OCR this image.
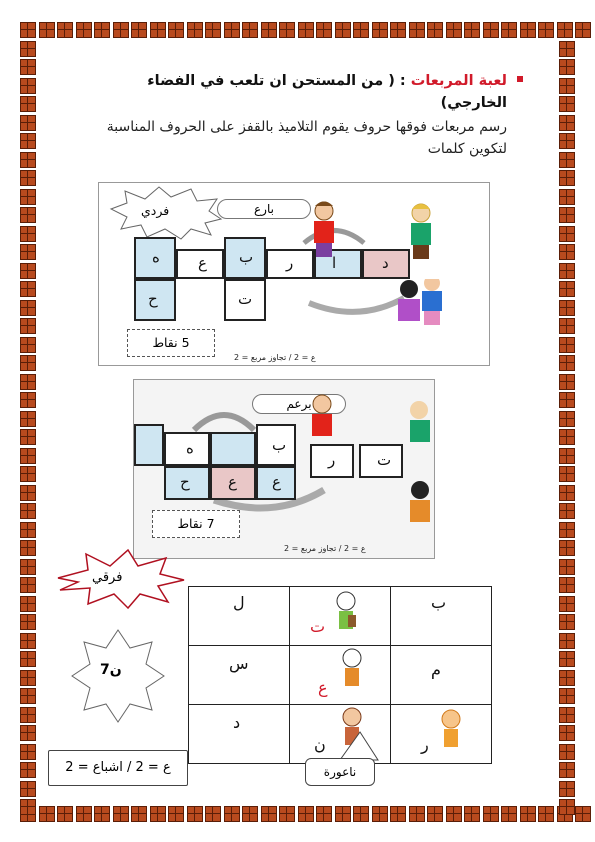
لعبة المربعات : ( من المستحن ان تلعب في الفضاء الخارجي)
رسم مربعات فوقها حروف يقوم التلاميذ بالقفز على الحروف المناسبة لتكوين كلمات
فردي	بارع
ه	ع ب ر	ا	د
ح	ت
5 نقاط
ع = 2 / تجاوز مربع = 2
برعم
ه
ع
ب
ع
ر	ت
ح
7 نقاط
ع = 2 / تجاوز مربع = 2
فرقي
7ن
ع = 2 / اشباع = 2
ل	ت	ب

س	ع	م

د	ن	ر
ناعورة
